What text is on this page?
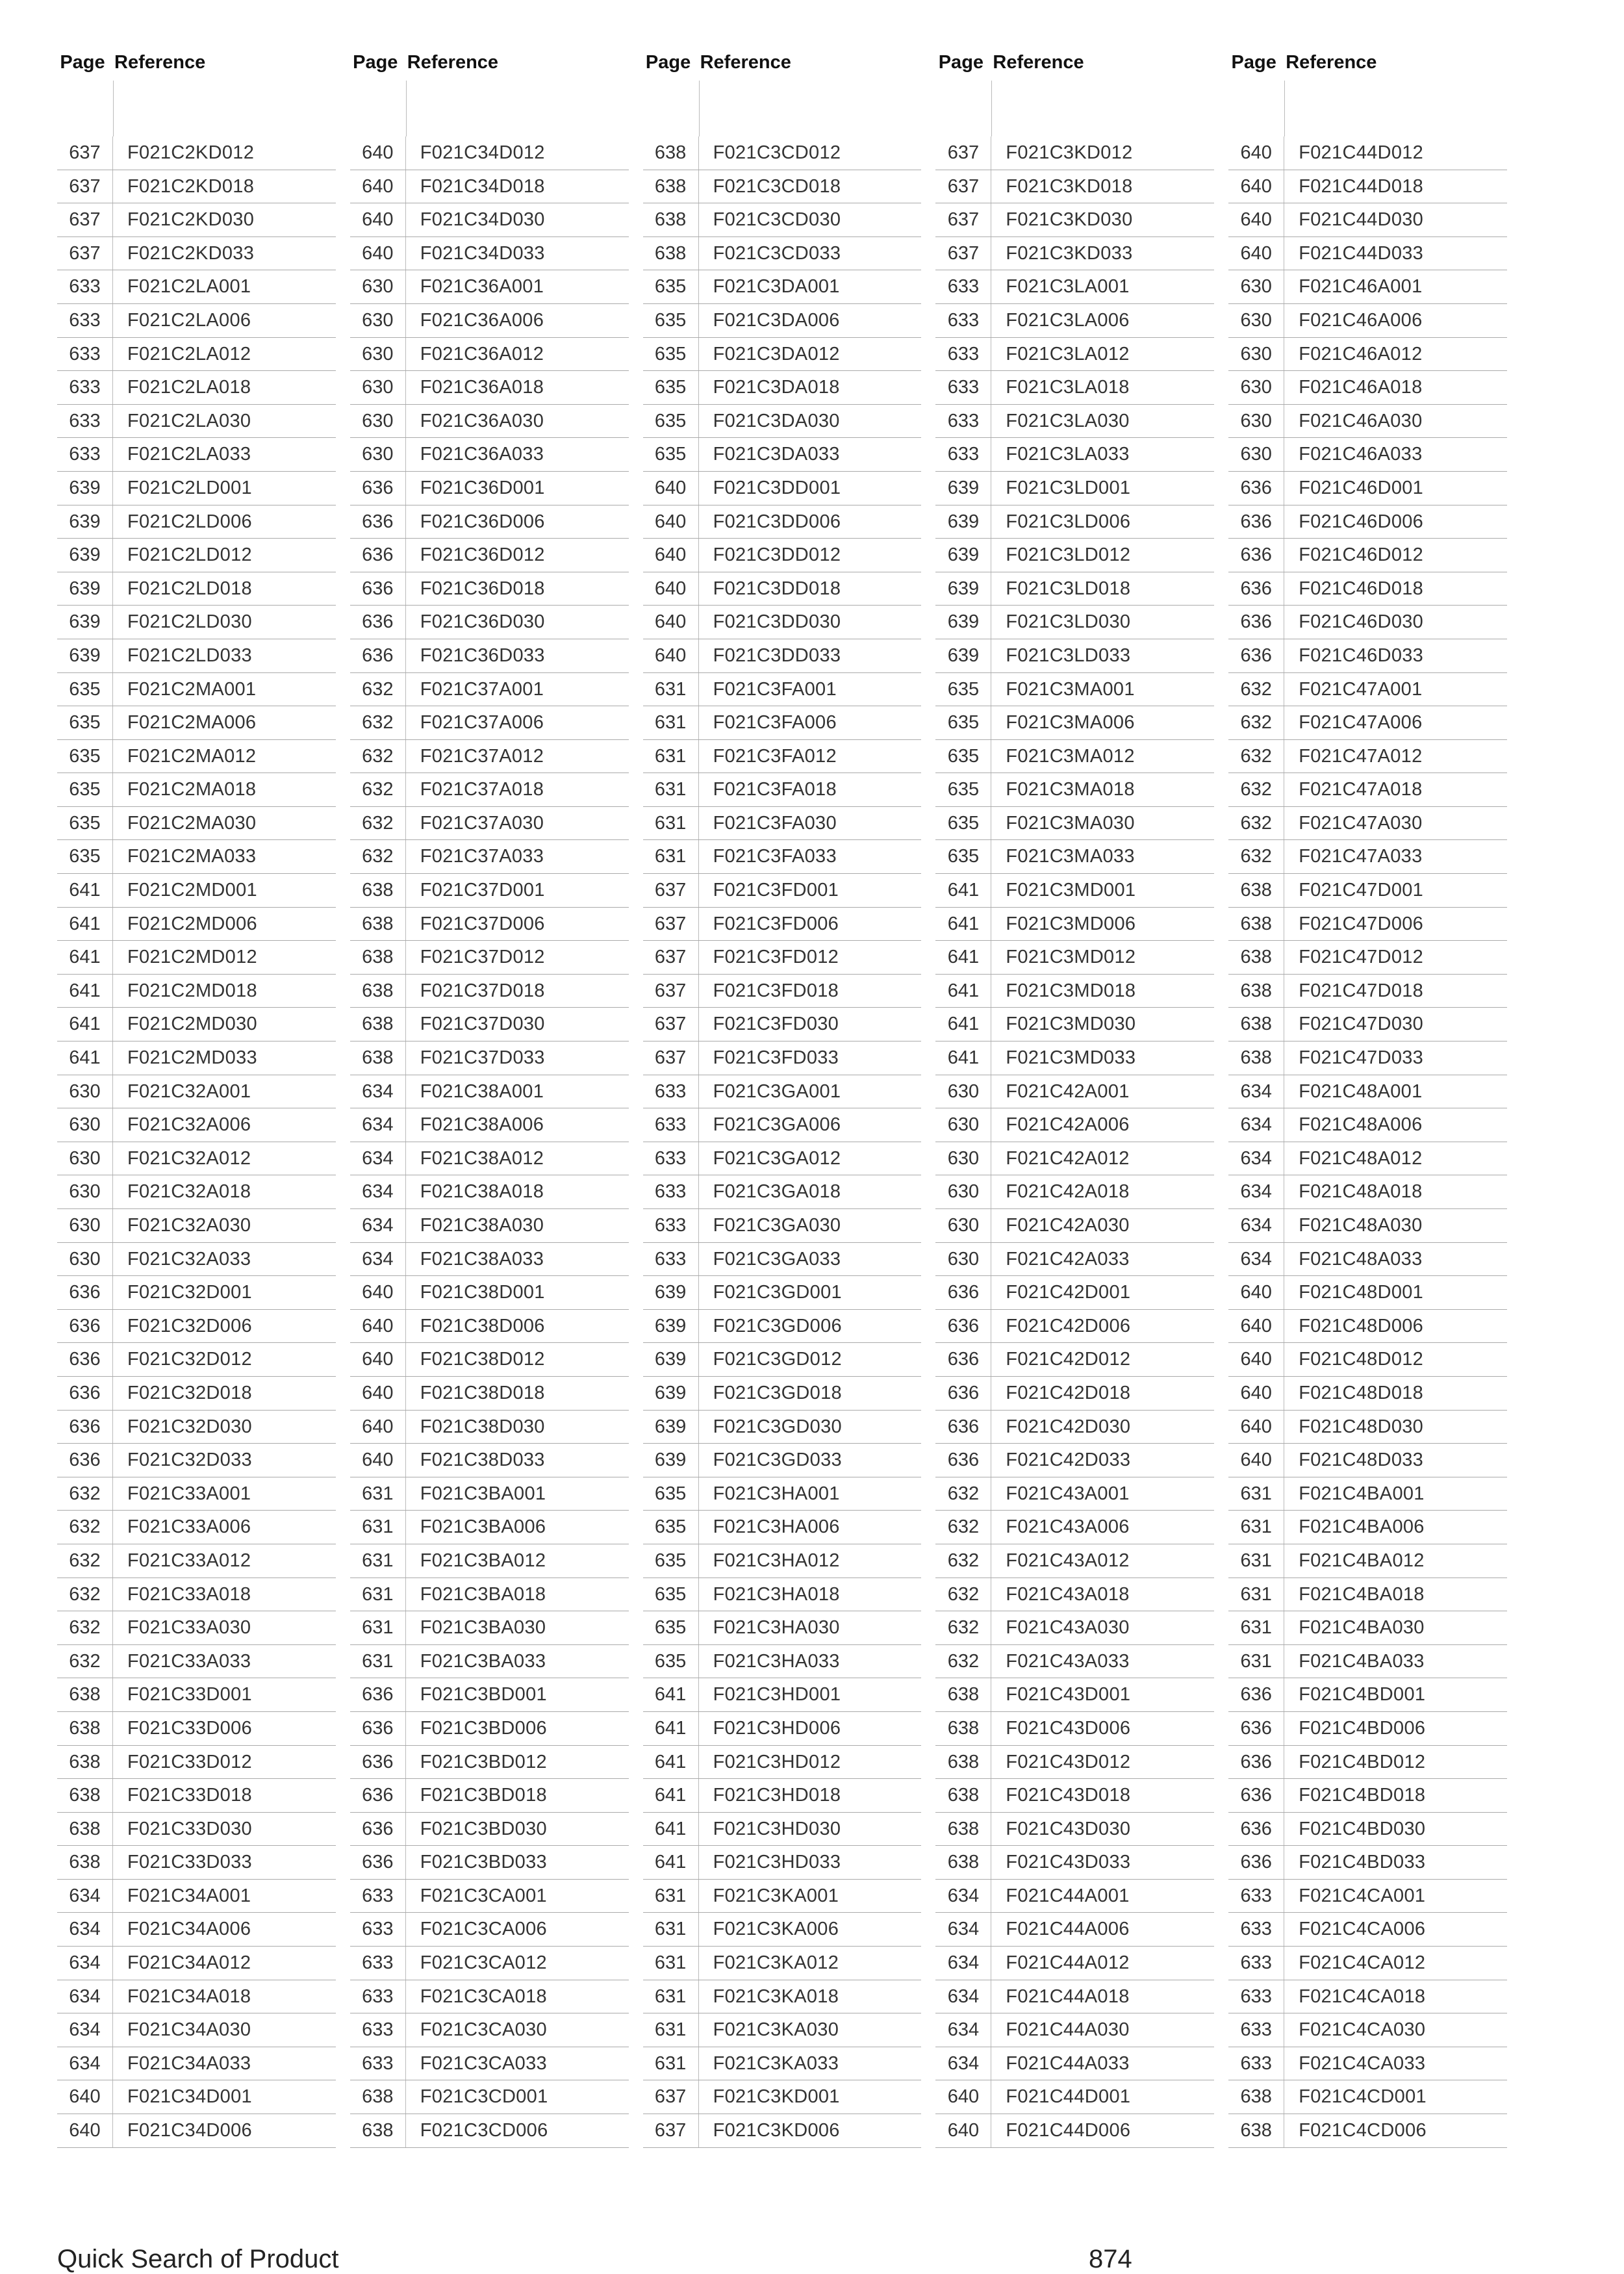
Page Reference
637	F021C2KD012
637	F021C2KD018
637	F021C2KD030
637	F021C2KD033
633	F021C2LA001
633	F021C2LA006
633	F021C2LA012
633	F021C2LA018
633	F021C2LA030
633	F021C2LA033
639	F021C2LD001
639	F021C2LD006
639	F021C2LD012
639	F021C2LD018
639	F021C2LD030
639	F021C2LD033
635	F021C2MA001
635	F021C2MA006
635	F021C2MA012
635	F021C2MA018
635	F021C2MA030
635	F021C2MA033
641	F021C2MD001
641	F021C2MD006
641	F021C2MD012
641	F021C2MD018
641	F021C2MD030
641	F021C2MD033
630	F021C32A001
630	F021C32A006
630	F021C32A012
630	F021C32A018
630	F021C32A030
630	F021C32A033
636	F021C32D001
636	F021C32D006
636	F021C32D012
636	F021C32D018
636	F021C32D030
636	F021C32D033
632	F021C33A001
632	F021C33A006
632	F021C33A012
632	F021C33A018
632	F021C33A030
632	F021C33A033
638	F021C33D001
638	F021C33D006
638	F021C33D012
638	F021C33D018
638	F021C33D030
638	F021C33D033
634	F021C34A001
634	F021C34A006
634	F021C34A012
634	F021C34A018
634	F021C34A030
634	F021C34A033
640	F021C34D001
640	F021C34D006
Page Reference
640	F021C34D012
640	F021C34D018
640	F021C34D030
640	F021C34D033
630	F021C36A001
630	F021C36A006
630	F021C36A012
630	F021C36A018
630	F021C36A030
630	F021C36A033
636	F021C36D001
636	F021C36D006
636	F021C36D012
636	F021C36D018
636	F021C36D030
636	F021C36D033
632	F021C37A001
632	F021C37A006
632	F021C37A012
632	F021C37A018
632	F021C37A030
632	F021C37A033
638	F021C37D001
638	F021C37D006
638	F021C37D012
638	F021C37D018
638	F021C37D030
638	F021C37D033
634	F021C38A001
634	F021C38A006
634	F021C38A012
634	F021C38A018
634	F021C38A030
634	F021C38A033
640	F021C38D001
640	F021C38D006
640	F021C38D012
640	F021C38D018
640	F021C38D030
640	F021C38D033
631	F021C3BA001
631	F021C3BA006
631	F021C3BA012
631	F021C3BA018
631	F021C3BA030
631	F021C3BA033
636	F021C3BD001
636	F021C3BD006
636	F021C3BD012
636	F021C3BD018
636	F021C3BD030
636	F021C3BD033
633	F021C3CA001
633	F021C3CA006
633	F021C3CA012
633	F021C3CA018
633	F021C3CA030
633	F021C3CA033
638	F021C3CD001
638	F021C3CD006
Page Reference
638	F021C3CD012
638	F021C3CD018
638	F021C3CD030
638	F021C3CD033
635	F021C3DA001
635	F021C3DA006
635	F021C3DA012
635	F021C3DA018
635	F021C3DA030
635	F021C3DA033
640	F021C3DD001
640	F021C3DD006
640	F021C3DD012
640	F021C3DD018
640	F021C3DD030
640	F021C3DD033
631	F021C3FA001
631	F021C3FA006
631	F021C3FA012
631	F021C3FA018
631	F021C3FA030
631	F021C3FA033
637	F021C3FD001
637	F021C3FD006
637	F021C3FD012
637	F021C3FD018
637	F021C3FD030
637	F021C3FD033
633	F021C3GA001
633	F021C3GA006
633	F021C3GA012
633	F021C3GA018
633	F021C3GA030
633	F021C3GA033
639	F021C3GD001
639	F021C3GD006
639	F021C3GD012
639	F021C3GD018
639	F021C3GD030
639	F021C3GD033
635	F021C3HA001
635	F021C3HA006
635	F021C3HA012
635	F021C3HA018
635	F021C3HA030
635	F021C3HA033
641	F021C3HD001
641	F021C3HD006
641	F021C3HD012
641	F021C3HD018
641	F021C3HD030
641	F021C3HD033
631	F021C3KA001
631	F021C3KA006
631	F021C3KA012
631	F021C3KA018
631	F021C3KA030
631	F021C3KA033
637	F021C3KD001
637	F021C3KD006
Page Reference
637	F021C3KD012
637	F021C3KD018
637	F021C3KD030
637	F021C3KD033
633	F021C3LA001
633	F021C3LA006
633	F021C3LA012
633	F021C3LA018
633	F021C3LA030
633	F021C3LA033
639	F021C3LD001
639	F021C3LD006
639	F021C3LD012
639	F021C3LD018
639	F021C3LD030
639	F021C3LD033
635	F021C3MA001
635	F021C3MA006
635	F021C3MA012
635	F021C3MA018
635	F021C3MA030
635	F021C3MA033
641	F021C3MD001
641	F021C3MD006
641	F021C3MD012
641	F021C3MD018
641	F021C3MD030
641	F021C3MD033
630	F021C42A001
630	F021C42A006
630	F021C42A012
630	F021C42A018
630	F021C42A030
630	F021C42A033
636	F021C42D001
636	F021C42D006
636	F021C42D012
636	F021C42D018
636	F021C42D030
636	F021C42D033
632	F021C43A001
632	F021C43A006
632	F021C43A012
632	F021C43A018
632	F021C43A030
632	F021C43A033
638	F021C43D001
638	F021C43D006
638	F021C43D012
638	F021C43D018
638	F021C43D030
638	F021C43D033
634	F021C44A001
634	F021C44A006
634	F021C44A012
634	F021C44A018
634	F021C44A030
634	F021C44A033
640	F021C44D001
640	F021C44D006
Page Reference
640	F021C44D012
640	F021C44D018
640	F021C44D030
640	F021C44D033
630	F021C46A001
630	F021C46A006
630	F021C46A012
630	F021C46A018
630	F021C46A030
630	F021C46A033
636	F021C46D001
636	F021C46D006
636	F021C46D012
636	F021C46D018
636	F021C46D030
636	F021C46D033
632	F021C47A001
632	F021C47A006
632	F021C47A012
632	F021C47A018
632	F021C47A030
632	F021C47A033
638	F021C47D001
638	F021C47D006
638	F021C47D012
638	F021C47D018
638	F021C47D030
638	F021C47D033
634	F021C48A001
634	F021C48A006
634	F021C48A012
634	F021C48A018
634	F021C48A030
634	F021C48A033
640	F021C48D001
640	F021C48D006
640	F021C48D012
640	F021C48D018
640	F021C48D030
640	F021C48D033
631	F021C4BA001
631	F021C4BA006
631	F021C4BA012
631	F021C4BA018
631	F021C4BA030
631	F021C4BA033
636	F021C4BD001
636	F021C4BD006
636	F021C4BD012
636	F021C4BD018
636	F021C4BD030
636	F021C4BD033
633	F021C4CA001
633	F021C4CA006
633	F021C4CA012
633	F021C4CA018
633	F021C4CA030
633	F021C4CA033
638	F021C4CD001
638	F021C4CD006
Quick Search of Product	874
